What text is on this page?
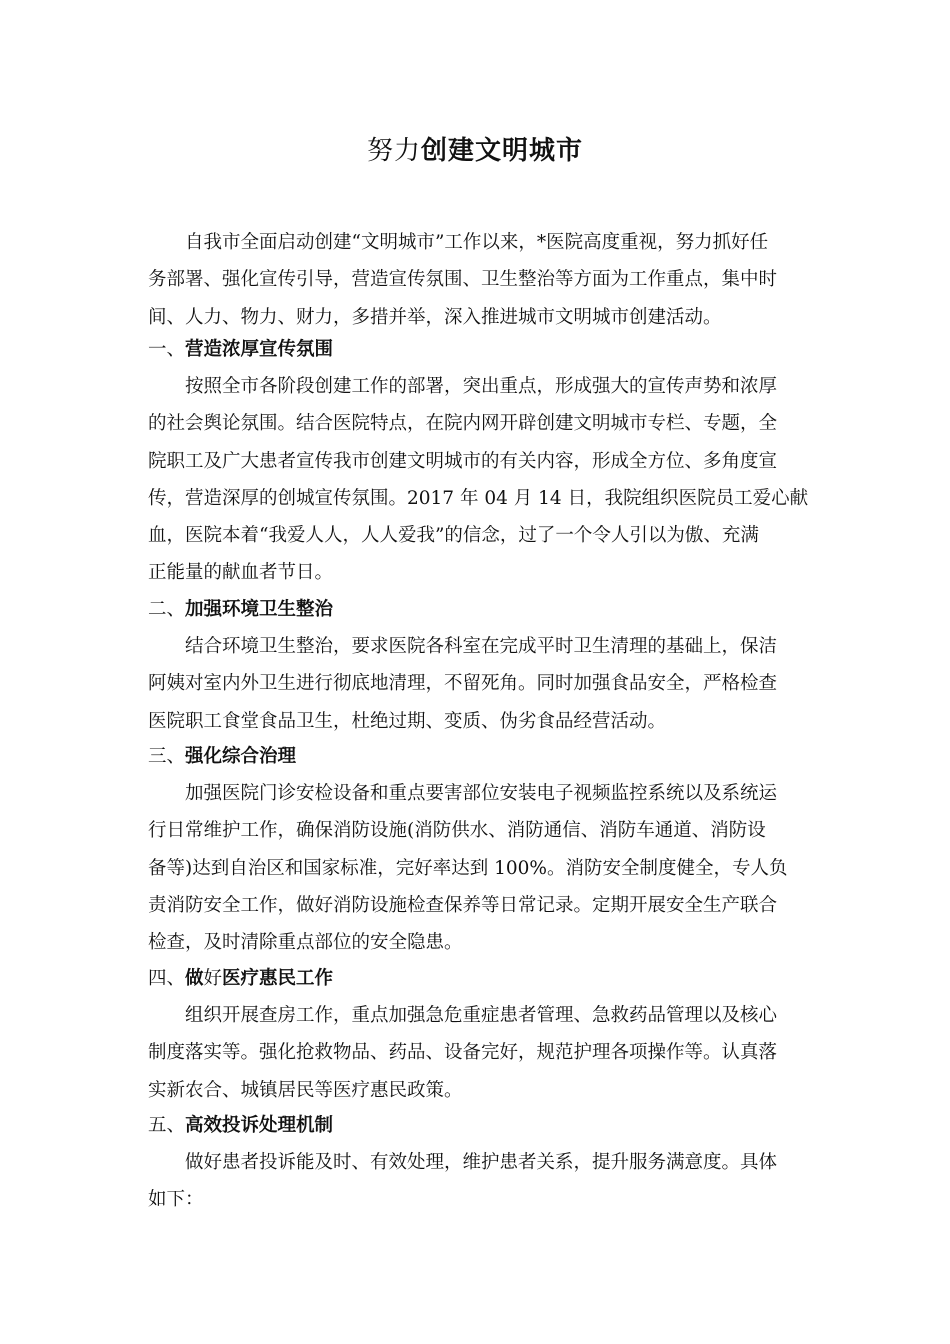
努力创建文明城市
自我市全面启动创建“文明城市”工作以来，*医院高度重视，努力抓好任
务部署、强化宣传引导，营造宣传氛围、卫生整治等方面为工作重点，集中时
间、人力、物力、财力，多措并举，深入推进城市文明城市创建活动。
一、营造浓厚宣传氛围
按照全市各阶段创建工作的部署，突出重点，形成强大的宣传声势和浓厚
的社会舆论氛围。结合医院特点，在院内网开辟创建文明城市专栏、专题，全
院职工及广大患者宣传我市创建文明城市的有关内容，形成全方位、多角度宣
传，营造深厚的创城宣传氛围。2017 年 04 月 14 日，我院组织医院员工爱心献
血，医院本着“我爱人人，人人爱我”的信念，过了一个令人引以为傲、充满
正能量的献血者节日。
二、加强环境卫生整治
结合环境卫生整治，要求医院各科室在完成平时卫生清理的基础上，保洁
阿姨对室内外卫生进行彻底地清理，不留死角。同时加强食品安全，严格检查
医院职工食堂食品卫生，杜绝过期、变质、伪劣食品经营活动。
三、强化综合治理
加强医院门诊安检设备和重点要害部位安装电子视频监控系统以及系统运
行日常维护工作，确保消防设施(消防供水、消防通信、消防车通道、消防设
备等)达到自治区和国家标准，完好率达到 100%。消防安全制度健全，专人负
责消防安全工作，做好消防设施检查保养等日常记录。定期开展安全生产联合
检查，及时清除重点部位的安全隐患。
四、做好医疗惠民工作
组织开展查房工作，重点加强急危重症患者管理、急救药品管理以及核心
制度落实等。强化抢救物品、药品、设备完好，规范护理各项操作等。认真落
实新农合、城镇居民等医疗惠民政策。
五、高效投诉处理机制
做好患者投诉能及时、有效处理，维护患者关系，提升服务满意度。具体
如下：
